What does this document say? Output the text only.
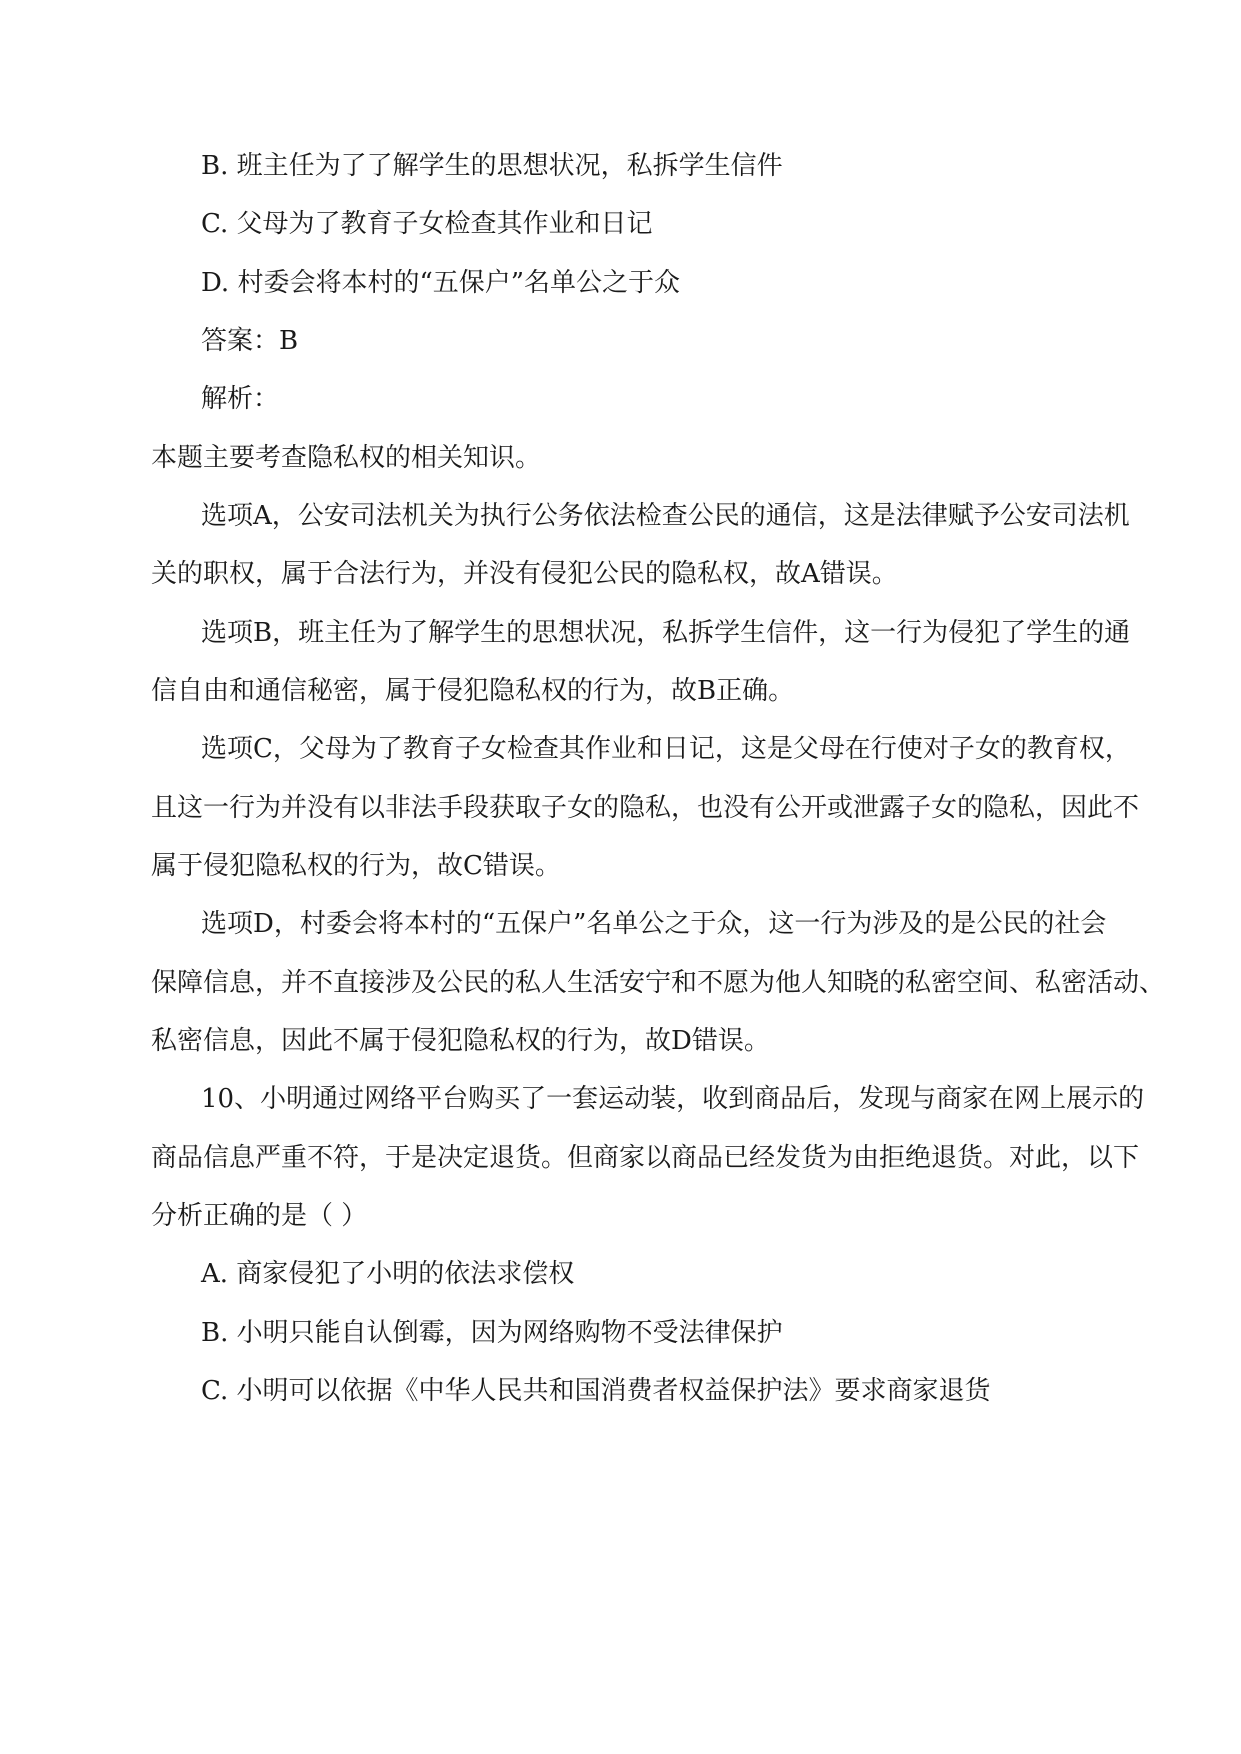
B. 班主任为了了解学生的思想状况，私拆学生信件
C. 父母为了教育子女检查其作业和日记
D. 村委会将本村的“五保户”名单公之于众
答案：B
解析：
本题主要考查隐私权的相关知识。
选项A，公安司法机关为执行公务依法检查公民的通信，这是法律赋予公安司法机
关的职权，属于合法行为，并没有侵犯公民的隐私权，故A错误。
选项B，班主任为了解学生的思想状况，私拆学生信件，这一行为侵犯了学生的通
信自由和通信秘密，属于侵犯隐私权的行为，故B正确。
选项C，父母为了教育子女检查其作业和日记，这是父母在行使对子女的教育权，
且这一行为并没有以非法手段获取子女的隐私，也没有公开或泄露子女的隐私，因此不
属于侵犯隐私权的行为，故C错误。
选项D，村委会将本村的“五保户”名单公之于众，这一行为涉及的是公民的社会
保障信息，并不直接涉及公民的私人生活安宁和不愿为他人知晓的私密空间、私密活动、
私密信息，因此不属于侵犯隐私权的行为，故D错误。
10、小明通过网络平台购买了一套运动装，收到商品后，发现与商家在网上展示的
商品信息严重不符，于是决定退货。但商家以商品已经发货为由拒绝退货。对此，以下
分析正确的是（ ）
A. 商家侵犯了小明的依法求偿权
B. 小明只能自认倒霉，因为网络购物不受法律保护
C. 小明可以依据《中华人民共和国消费者权益保护法》要求商家退货
